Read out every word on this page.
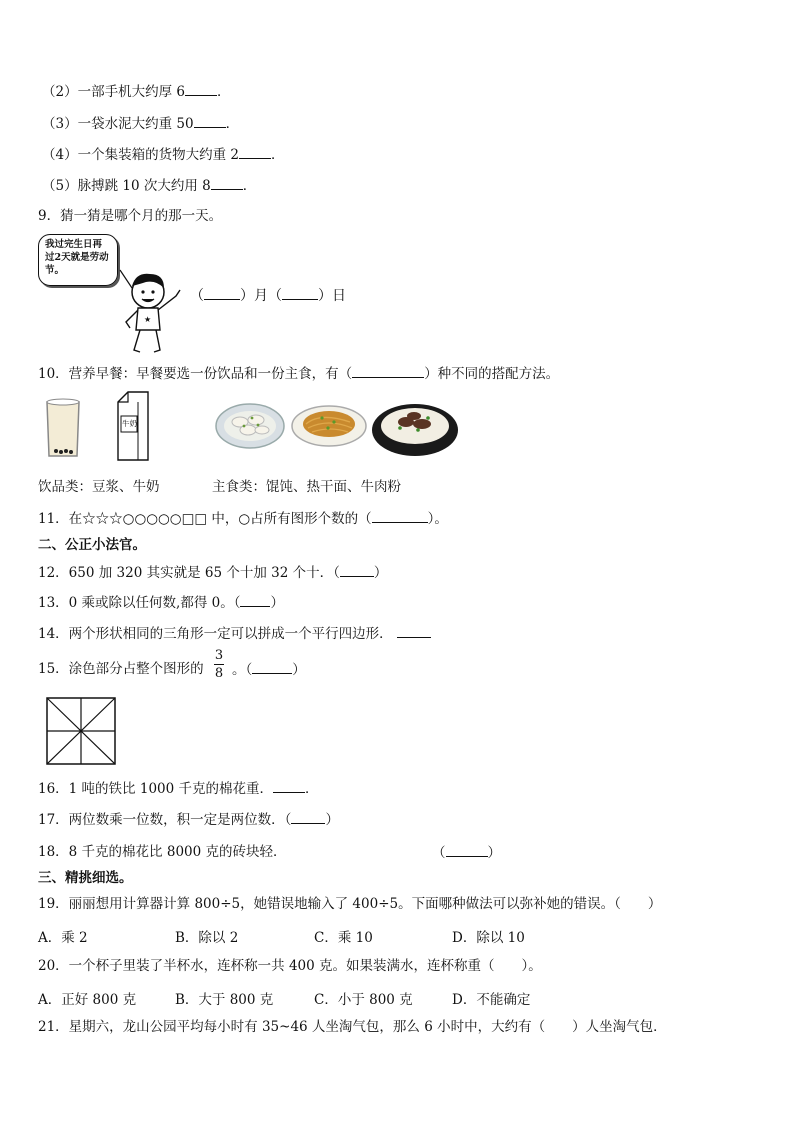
（2）一部手机大约厚 6 ．
（3）一袋水泥大约重 50 ．
（4）一个集装箱的货物大约重 2 ．
（5）脉搏跳 10 次大约用 8 ．
9．猜一猜是哪个月的那一天。
我过完生日再过2天就是劳动节。
★
（	）月（	）日
10．营养早餐：早餐要选一份饮品和一份主食，有（	）种不同的搭配方法。
牛奶
饮品类：豆浆、牛奶	主食类：馄饨、热干面、牛肉粉
11．在☆☆☆○○○○○□□ 中，○占所有图形个数的（	）。
二、公正小法官。
12．650 加 320 其实就是 65 个十加 32 个十．（	）
13．0 乘或除以任何数,都得 0。（ ）
14．两个形状相同的三角形一定可以拼成一个平行四边形．
15．涂色部分占整个图形的
3
8 。（	）
16．1 吨的铁比 1000 千克的棉花重． ．
17．两位数乘一位数，积一定是两位数．（	）
18．8 千克的棉花比 8000 克的砖块轻．	（	）
三、精挑细选。
19．丽丽想用计算器计算 800÷5，她错误地输入了 400÷5。下面哪种做法可以弥补她的错误。（　　）
A．乘 2	B．除以 2	C．乘 10	D．除以 10
20．一个杯子里装了半杯水，连杯称一共 400 克。如果装满水，连杯称重（　　）。
A．正好 800 克	B．大于 800 克	C．小于 800 克	D．不能确定
21．星期六，龙山公园平均每小时有 35~46 人坐淘气包，那么 6 小时中，大约有（　　）人坐淘气包．
